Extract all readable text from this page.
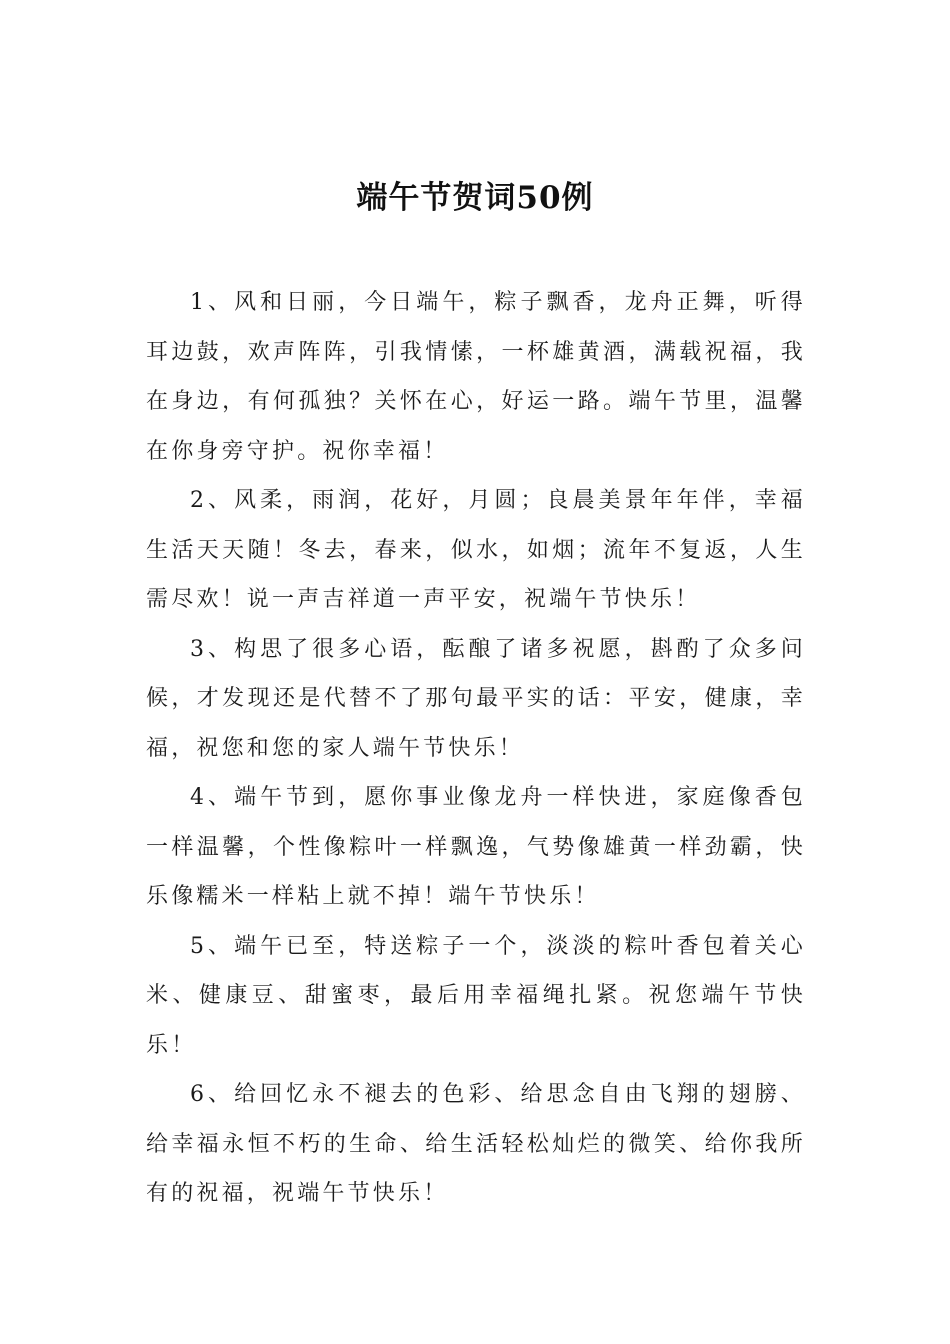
端午节贺词50例

1、风和日丽，今日端午，粽子飘香，龙舟正舞，听得耳边鼓，欢声阵阵，引我情愫，一杯雄黄酒，满载祝福，我在身边，有何孤独？关怀在心，好运一路。端午节里，温馨在你身旁守护。祝你幸福！

2、风柔，雨润，花好，月圆；良晨美景年年伴，幸福生活天天随！冬去，春来，似水，如烟；流年不复返，人生需尽欢！说一声吉祥道一声平安，祝端午节快乐！

3、构思了很多心语，酝酿了诸多祝愿，斟酌了众多问候，才发现还是代替不了那句最平实的话：平安，健康，幸福，祝您和您的家人端午节快乐！

4、端午节到，愿你事业像龙舟一样快进，家庭像香包一样温馨，个性像粽叶一样飘逸，气势像雄黄一样劲霸，快乐像糯米一样粘上就不掉！端午节快乐！

5、端午已至，特送粽子一个，淡淡的粽叶香包着关心米、健康豆、甜蜜枣，最后用幸福绳扎紧。祝您端午节快乐！

6、给回忆永不褪去的色彩、给思念自由飞翔的翅膀、给幸福永恒不朽的生命、给生活轻松灿烂的微笑、给你我所有的祝福，祝端午节快乐！
